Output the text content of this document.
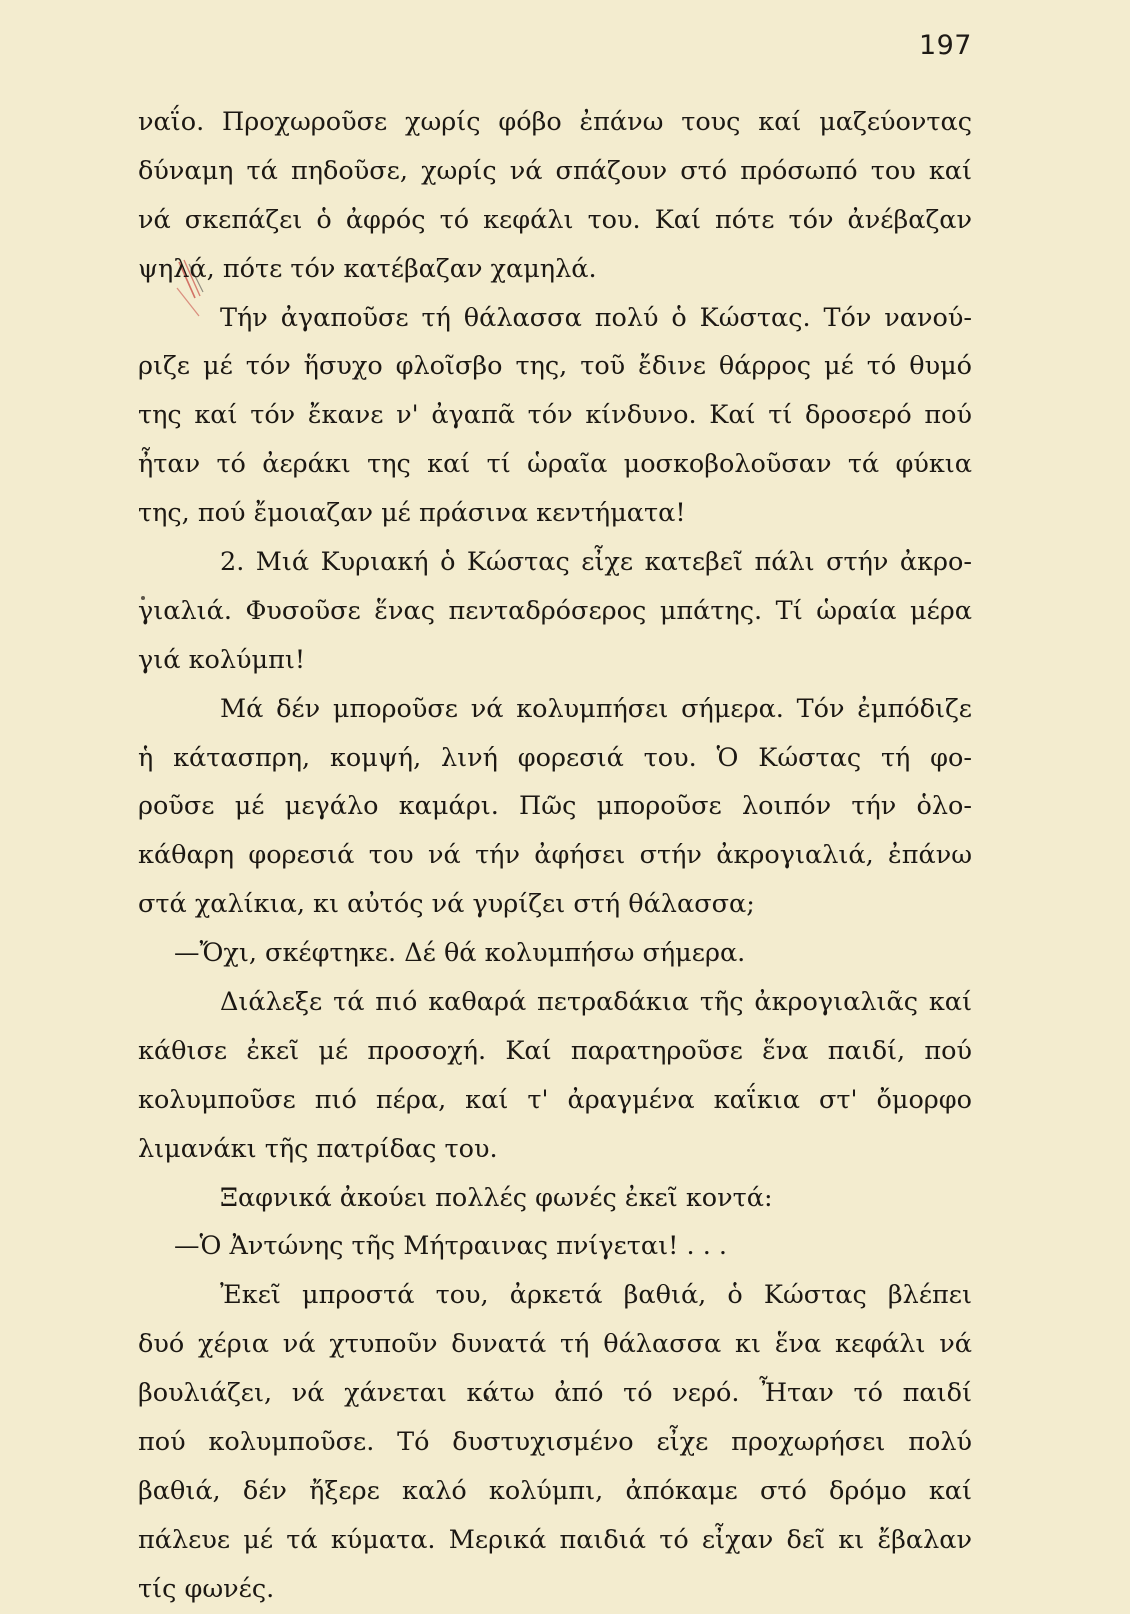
197
ναΐο. Προχωροῦσε χωρίς φόβο ἐπάνω τους καί μαζεύοντας
δύναμη τά πηδοῦσε, χωρίς νά σπάζουν στό πρόσωπό του καί
νά σκεπάζει ὁ ἀφρός τό κεφάλι του. Καί πότε τόν ἀνέβαζαν
ψηλά, πότε τόν κατέβαζαν χαμηλά.
Τήν ἀγαποῦσε τή θάλασσα πολύ ὁ Κώστας. Τόν νανού-
ριζε μέ τόν ἥσυχο φλοῖσβο της, τοῦ ἔδινε θάρρος μέ τό θυμό
της καί τόν ἔκανε ν' ἀγαπᾶ τόν κίνδυνο. Καί τί δροσερό πού
ἦταν τό ἀεράκι της καί τί ὡραῖα μοσκοβολοῦσαν τά φύκια
της, πού ἔμοιαζαν μέ πράσινα κεντήματα!
2. Μιά Κυριακή ὁ Κώστας εἶχε κατεβεῖ πάλι στήν ἀκρο-
γιαλιά. Φυσοῦσε ἕνας πενταδρόσερος μπάτης. Τί ὡραία μέρα
γιά κολύμπι!
Μά δέν μποροῦσε νά κολυμπήσει σήμερα. Τόν ἐμπόδιζε
ἡ κάτασπρη, κομψή, λινή φορεσιά του. Ὁ Κώστας τή φο-
ροῦσε μέ μεγάλο καμάρι. Πῶς μποροῦσε λοιπόν τήν ὁλο-
κάθαρη φορεσιά του νά τήν ἀφήσει στήν ἀκρογιαλιά, ἐπάνω
στά χαλίκια, κι αὐτός νά γυρίζει στή θάλασσα;
—Ὄχι, σκέφτηκε. Δέ θά κολυμπήσω σήμερα.
Διάλεξε τά πιό καθαρά πετραδάκια τῆς ἀκρογιαλιᾶς καί
κάθισε ἐκεῖ μέ προσοχή. Καί παρατηροῦσε ἕνα παιδί, πού
κολυμποῦσε πιό πέρα, καί τ' ἀραγμένα καΐκια στ' ὄμορφο
λιμανάκι τῆς πατρίδας του.
Ξαφνικά ἀκούει πολλές φωνές ἐκεῖ κοντά:
—Ὁ Ἀντώνης τῆς Μήτραινας πνίγεται! . . .
Ἐκεῖ μπροστά του, ἀρκετά βαθιά, ὁ Κώστας βλέπει
δυό χέρια νά χτυποῦν δυνατά τή θάλασσα κι ἕνα κεφάλι νά
βουλιάζει, νά χάνεται κάτω ἀπό τό νερό. Ἦταν τό παιδί
πού κολυμποῦσε. Τό δυστυχισμένο εἶχε προχωρήσει πολύ
βαθιά, δέν ἤξερε καλό κολύμπι, ἀπόκαμε στό δρόμο καί
πάλευε μέ τά κύματα. Μερικά παιδιά τό εἶχαν δεῖ κι ἔβαλαν
τίς φωνές.
